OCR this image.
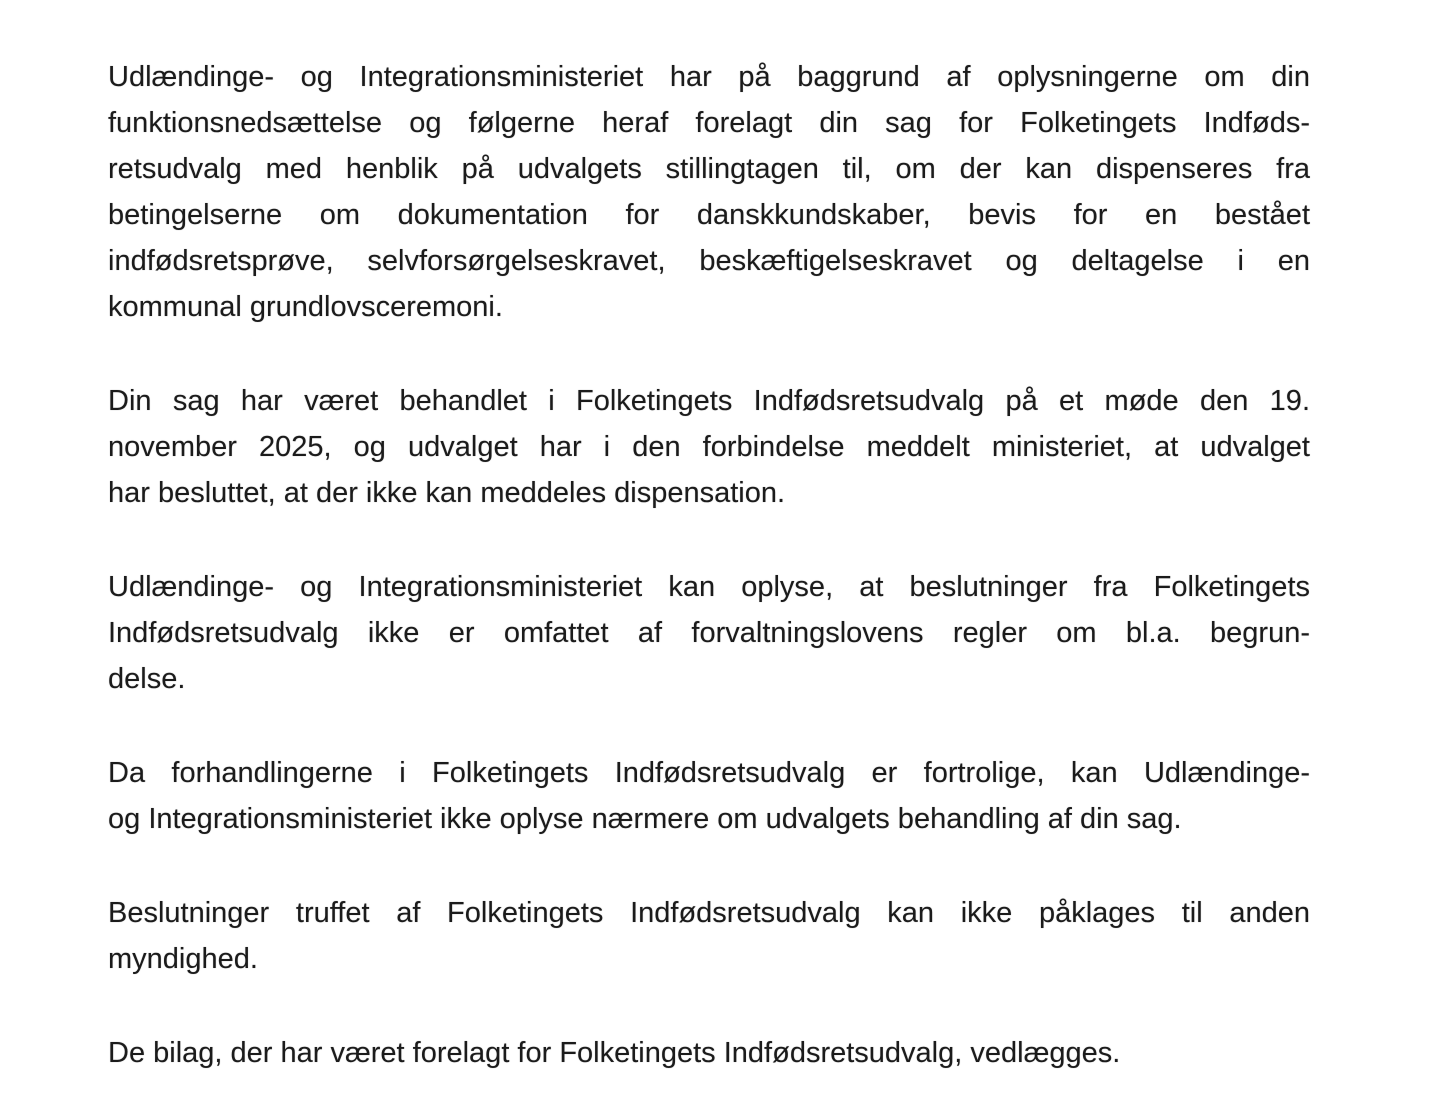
Udlændinge- og Integrationsministeriet har på baggrund af oplysningerne om din
funktionsnedsættelse og følgerne heraf forelagt din sag for Folketingets Indføds-
retsudvalg med henblik på udvalgets stillingtagen til, om der kan dispenseres fra
betingelserne om dokumentation for danskkundskaber, bevis for en bestået
indfødsretsprøve, selvforsørgelseskravet, beskæftigelseskravet og deltagelse i en
kommunal grundlovsceremoni.

Din sag har været behandlet i Folketingets Indfødsretsudvalg på et møde den 19.
november 2025, og udvalget har i den forbindelse meddelt ministeriet, at udvalget
har besluttet, at der ikke kan meddeles dispensation.

Udlændinge- og Integrationsministeriet kan oplyse, at beslutninger fra Folketingets
Indfødsretsudvalg ikke er omfattet af forvaltningslovens regler om bl.a. begrun-
delse.

Da forhandlingerne i Folketingets Indfødsretsudvalg er fortrolige, kan Udlændinge-
og Integrationsministeriet ikke oplyse nærmere om udvalgets behandling af din sag.

Beslutninger truffet af Folketingets Indfødsretsudvalg kan ikke påklages til anden
myndighed.

De bilag, der har været forelagt for Folketingets Indfødsretsudvalg, vedlægges.
